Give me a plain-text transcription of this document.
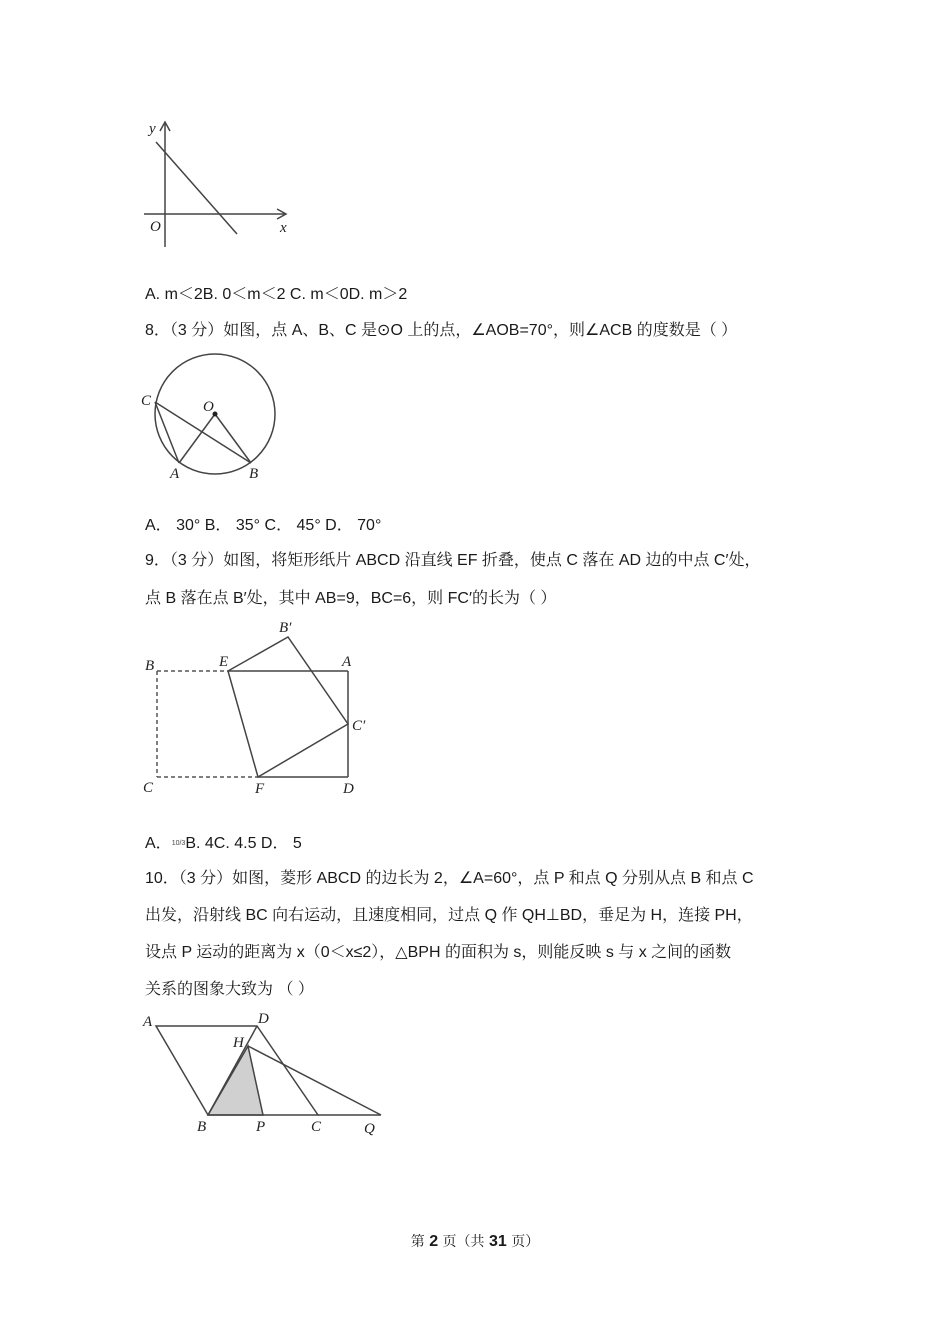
y
x
O
A. m＜2B. 0＜m＜2 C. m＜0D. m＞2
8．（3 分）如图，点 A、B、C 是⊙O 上的点，∠AOB=70°，则∠ACB 的度数是（ ）
C	O
A	B
A． 30° B． 35° C． 45° D． 70°
9．（3 分）如图，将矩形纸片 ABCD 沿直线 EF 折叠，使点 C 落在 AD 边的中点 C′处，
点 B 落在点 B′处，其中 AB=9，BC=6，则 FC′的长为（ ）
B′
B	E	A
C′
C	F	D
A．10/3B. 4C. 4.5 D． 5
10．（3 分）如图，菱形 ABCD 的边长为 2，∠A=60°，点 P 和点 Q 分别从点 B 和点 C
出发，沿射线 BC 向右运动，且速度相同，过点 Q 作 QH⊥BD，垂足为 H，连接 PH，
设点 P 运动的距离为 x（0＜x≤2），△BPH 的面积为 s，则能反映 s 与 x 之间的函数
关系的图象大致为 （ ）
A	D
H
B	P	C	Q
第 2 页（共 31 页）
